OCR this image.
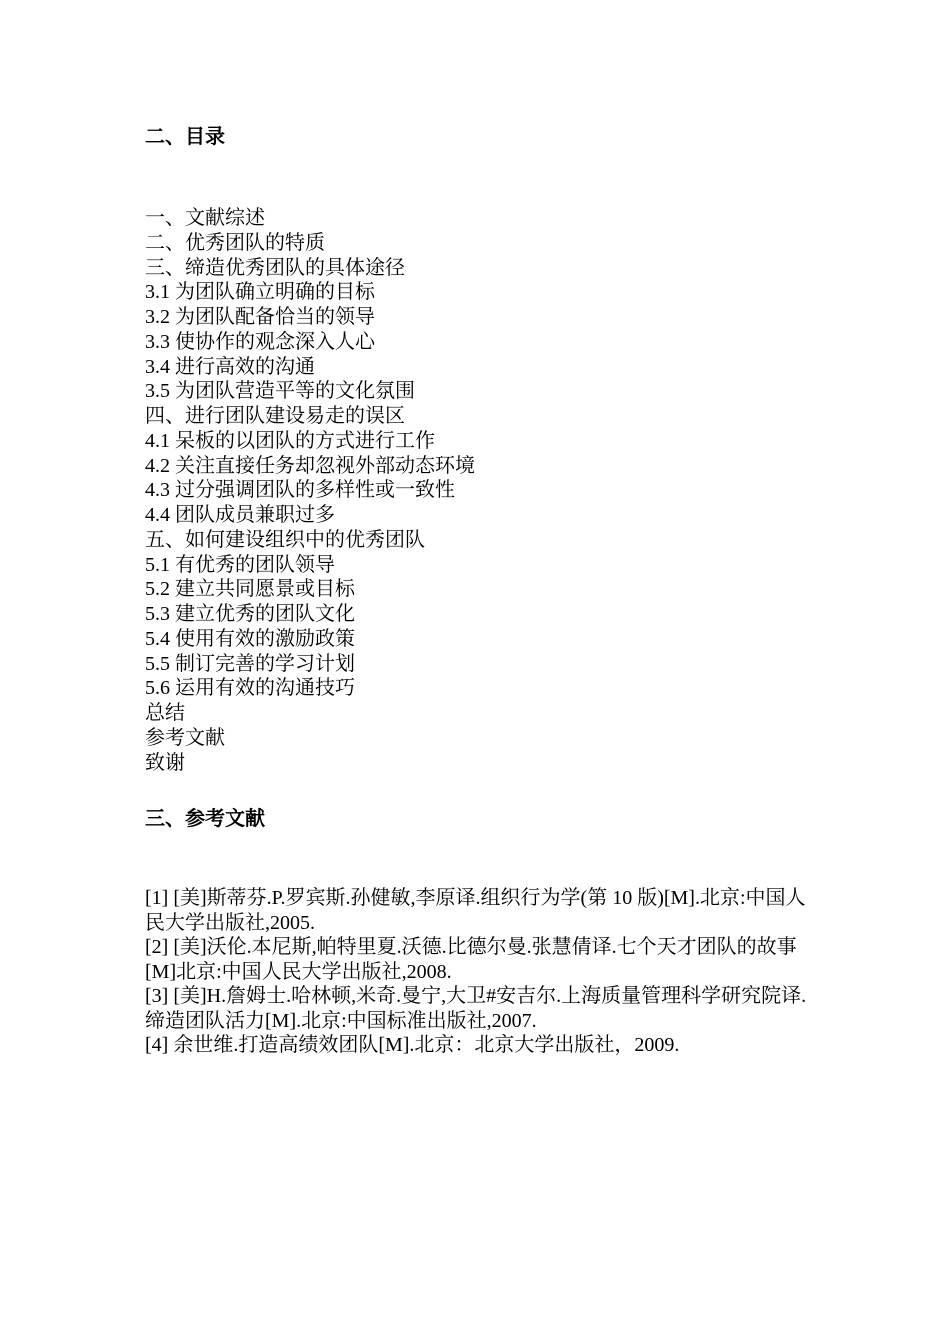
二、目录
一、文献综述
二、优秀团队的特质
三、缔造优秀团队的具体途径
3.1 为团队确立明确的目标
3.2 为团队配备恰当的领导
3.3 使协作的观念深入人心
3.4 进行高效的沟通
3.5 为团队营造平等的文化氛围
四、进行团队建设易走的误区
4.1 呆板的以团队的方式进行工作
4.2 关注直接任务却忽视外部动态环境
4.3 过分强调团队的多样性或一致性
4.4 团队成员兼职过多
五、如何建设组织中的优秀团队
5.1 有优秀的团队领导
5.2 建立共同愿景或目标
5.3 建立优秀的团队文化
5.4 使用有效的激励政策
5.5 制订完善的学习计划
5.6 运用有效的沟通技巧
总结
参考文献
致谢
三、参考文献
[1] [美]斯蒂芬.P.罗宾斯.孙健敏,李原译.组织行为学(第 10 版)[M].北京:中国人民大学出版社,2005.
[2] [美]沃伦.本尼斯,帕特里夏.沃德.比德尔曼.张慧倩译.七个天才团队的故事[M]北京:中国人民大学出版社,2008.
[3] [美]H.詹姆士.哈林顿,米奇.曼宁,大卫#安吉尔.上海质量管理科学研究院译.缔造团队活力[M].北京:中国标准出版社,2007.
[4] 余世维.打造高绩效团队[M].北京：北京大学出版社，2009.
